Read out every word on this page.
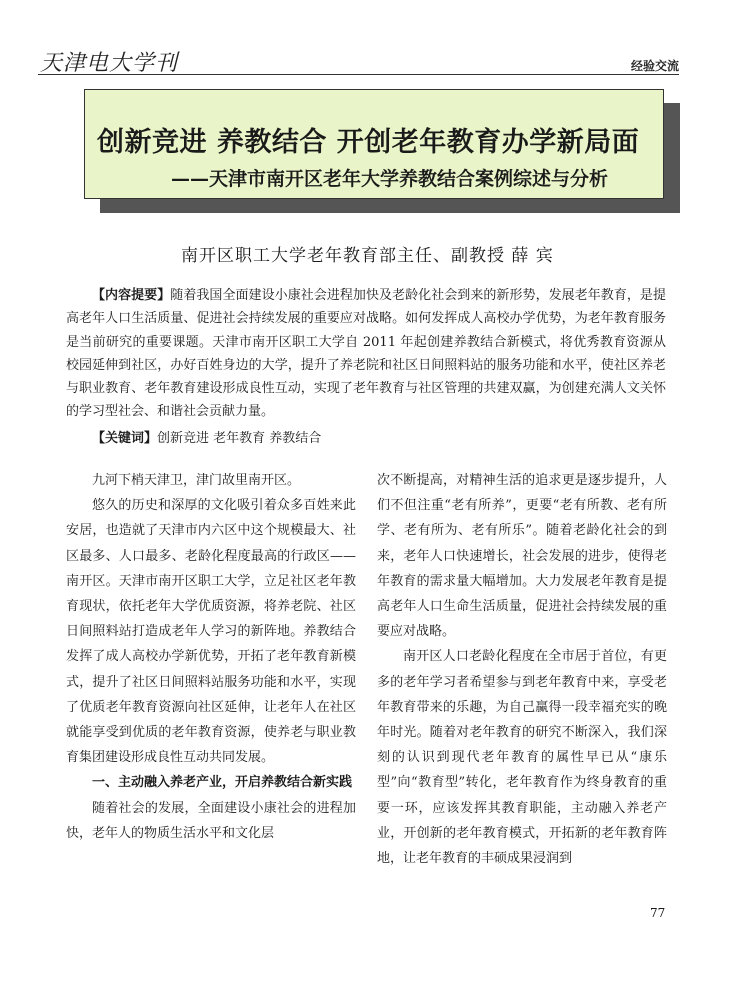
天津电大学刊	经验交流
创新竞进 养教结合 开创老年教育办学新局面
——天津市南开区老年大学养教结合案例综述与分析
南开区职工大学老年教育部主任、副教授 薛 宾

【内容提要】随着我国全面建设小康社会进程加快及老龄化社会到来的新形势，发展老年教育，是提高老年人口生活质量、促进社会持续发展的重要应对战略。如何发挥成人高校办学优势，为老年教育服务是当前研究的重要课题。天津市南开区职工大学自 2011 年起创建养教结合新模式，将优秀教育资源从校园延伸到社区，办好百姓身边的大学，提升了养老院和社区日间照料站的服务功能和水平，使社区养老与职业教育、老年教育建设形成良性互动，实现了老年教育与社区管理的共建双赢，为创建充满人文关怀的学习型社会、和谐社会贡献力量。

【关键词】创新竞进 老年教育 养教结合

九河下梢天津卫，津门故里南开区。

悠久的历史和深厚的文化吸引着众多百姓来此安居，也造就了天津市内六区中这个规模最大、社区最多、人口最多、老龄化程度最高的行政区——南开区。天津市南开区职工大学，立足社区老年教育现状，依托老年大学优质资源，将养老院、社区日间照料站打造成老年人学习的新阵地。养教结合发挥了成人高校办学新优势，开拓了老年教育新模式，提升了社区日间照料站服务功能和水平，实现了优质老年教育资源向社区延伸，让老年人在社区就能享受到优质的老年教育资源，使养老与职业教育集团建设形成良性互动共同发展。

一、主动融入养老产业，开启养教结合新实践

随着社会的发展，全面建设小康社会的进程加快，老年人的物质生活水平和文化层

次不断提高，对精神生活的追求更是逐步提升，人们不但注重“老有所养”，更要“老有所教、老有所学、老有所为、老有所乐”。随着老龄化社会的到来，老年人口快速增长，社会发展的进步，使得老年教育的需求量大幅增加。大力发展老年教育是提高老年人口生命生活质量，促进社会持续发展的重要应对战略。

南开区人口老龄化程度在全市居于首位，有更多的老年学习者希望参与到老年教育中来，享受老年教育带来的乐趣，为自己赢得一段幸福充实的晚年时光。随着对老年教育的研究不断深入，我们深刻的认识到现代老年教育的属性早已从“康乐型”向“教育型”转化，老年教育作为终身教育的重要一环，应该发挥其教育职能，主动融入养老产业，开创新的老年教育模式，开拓新的老年教育阵地，让老年教育的丰硕成果浸润到

77
